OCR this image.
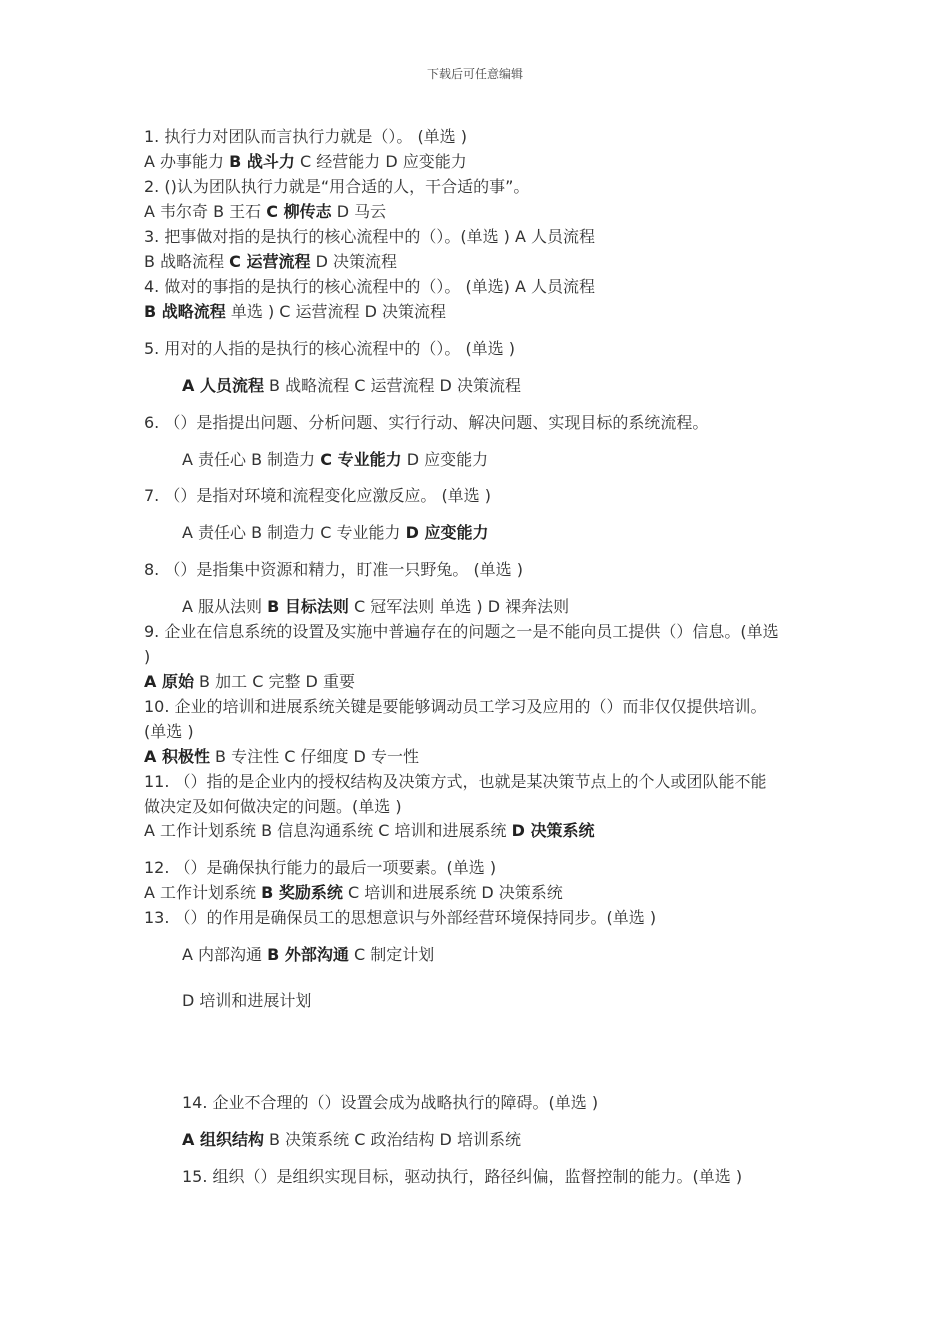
下载后可任意编辑
1. 执行力对团队而言执行力就是（）。 (单选 )
A 办事能力 B 战斗力 C 经营能力 D 应变能力
2. ()认为团队执行力就是“用合适的人，干合适的事”。
A 韦尔奇 B 王石 C 柳传志 D 马云
3. 把事做对指的是执行的核心流程中的（）。(单选 ) A 人员流程
B 战略流程 C 运营流程 D 决策流程
4. 做对的事指的是执行的核心流程中的（）。 (单选) A 人员流程
B 战略流程 单选 ) C 运营流程 D 决策流程
5. 用对的人指的是执行的核心流程中的（）。 (单选 )
A 人员流程 B 战略流程 C 运营流程 D 决策流程
6. （）是指提出问题、分析问题、实行行动、解决问题、实现目标的系统流程。
A 责任心 B 制造力 C 专业能力 D 应变能力
7. （）是指对环境和流程变化应激反应。 (单选 )
A 责任心 B 制造力 C 专业能力 D 应变能力
8. （）是指集中资源和精力，盯准一只野兔。 (单选 )
A 服从法则 B 目标法则 C 冠军法则 单选 ) D 裸奔法则
9. 企业在信息系统的设置及实施中普遍存在的问题之一是不能向员工提供（）信息。(单选
)
A 原始 B 加工 C 完整 D 重要
10. 企业的培训和进展系统关键是要能够调动员工学习及应用的（）而非仅仅提供培训。
(单选 )
A 积极性 B 专注性 C 仔细度 D 专一性
11. （）指的是企业内的授权结构及决策方式，也就是某决策节点上的个人或团队能不能
做决定及如何做决定的问题。(单选 )
A 工作计划系统 B 信息沟通系统 C 培训和进展系统 D 决策系统
12. （）是确保执行能力的最后一项要素。(单选 )
A 工作计划系统 B 奖励系统 C 培训和进展系统 D 决策系统
13. （）的作用是确保员工的思想意识与外部经营环境保持同步。(单选 )
A 内部沟通 B 外部沟通 C 制定计划
D 培训和进展计划
14. 企业不合理的（）设置会成为战略执行的障碍。(单选 )
A 组织结构 B 决策系统 C 政治结构 D 培训系统
15. 组织（）是组织实现目标，驱动执行，路径纠偏，监督控制的能力。(单选 )
